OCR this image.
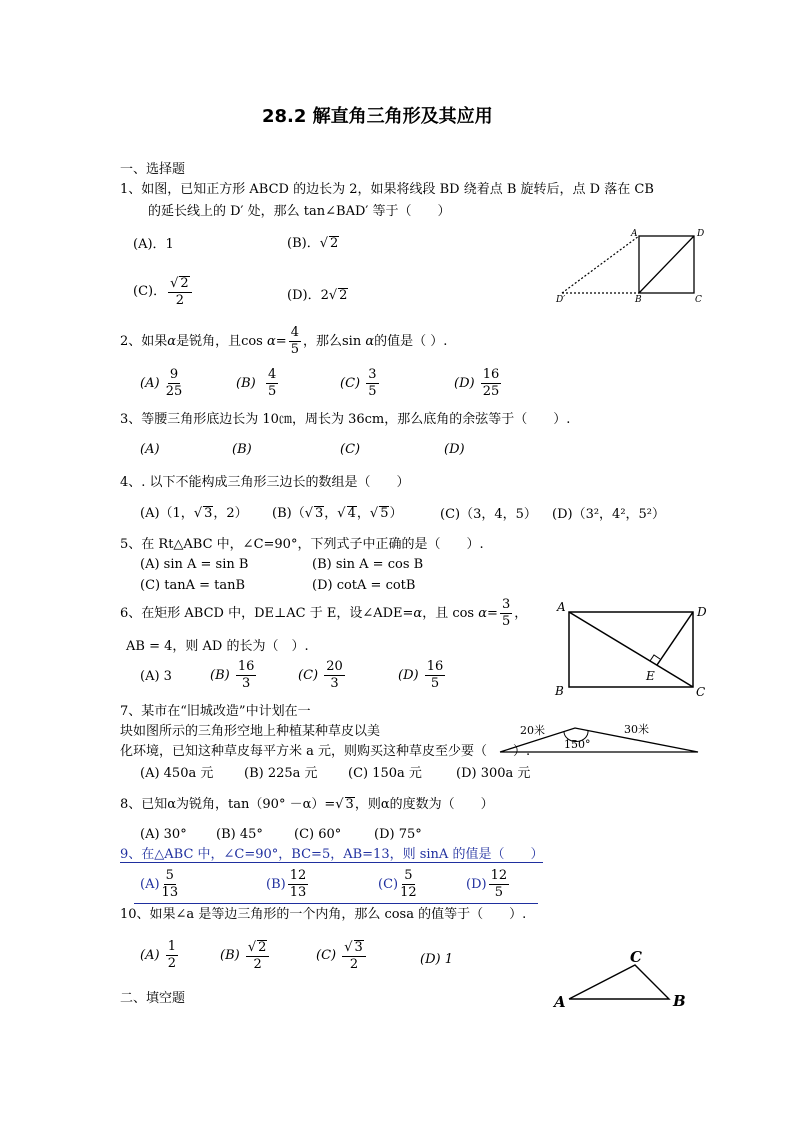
28.2 解直角三角形及其应用
一、选择题
1、如图，已知正方形 ABCD 的边长为 2，如果将线段 BD 绕着点 B 旋转后，点 D 落在 CB
的延长线上的 D′ 处，那么 tan∠BAD′ 等于（　　）
(A)．1	(B)．√ 2
(C)． $\frac{√ 2}{2}$	(D)．2√ 2
A	D
D′	B	C
2、如果 α 是锐角，且 cos
$\alpha = \frac{4}{5}$ ，那么 sin
α 的值是（ ）.
(A)
$\frac{9}{25}$	(B)
$\frac{4}{5}$	(C)
$\frac{3}{5}$	(D)
$\frac{16}{25}$
3、等腰三角形底边长为 10㎝，周长为 36cm，那么底角的余弦等于（　　）.
(A)	(B)	(C)	(D)
4、. 以下不能构成三角形三边长的数组是（　　）
(A)（1，√ 3，2） (B)（√ 3，√ 4，√ 5）	(C)（3，4，5） (D)（3²，4²，5²）
5、在 Rt△ABC 中，∠C=90°，下列式子中正确的是（　　）.
(A) sin A = sin B	(B) sin A = cos B
(C) tanA = tanB	(D) cotA = cotB
6、在矩形 ABCD 中，DE⊥AC 于 E，设∠ADE= α ，且 cos
$\alpha = \frac{3}{5}$ ，
AB = 4，则 AD 的长为（　）.
(A) 3	(B)
$\frac{16}{3}$	(C)
$\frac{20}{3}$	(D)
$\frac{16}{5}$
A	D
B	C
E
7、某市在“旧城改造”中计划在一
块如图所示的三角形空地上种植某种草皮以美
化环境，已知这种草皮每平方米 a 元，则购买这种草皮至少要（　　）.
(A) 450a 元 (B) 225a 元 (C) 150a 元	(D) 300a 元
20米	30米
150°
8、已知α为锐角，tan（90° －α）=√ 3，则α的度数为（　　）
(A) 30° (B) 45° (C) 60°	(D) 75°
9、在△ABC 中，∠C=90°，BC=5，AB=13，则 sinA 的值是（　　）
$(A) \frac{5}{13}$	$(B) \frac{12}{13}$	$(C) \frac{5}{12}$	$(D) \frac{12}{5}$
10、如果∠a 是等边三角形的一个内角，那么 cosa 的值等于（　　）.
(A)
$\frac{1}{2}$	(B)
$\frac{√ 2}{2}$	(C)
$\frac{√ 3}{2}$	(D) 1
A
C
B
二、填空题
